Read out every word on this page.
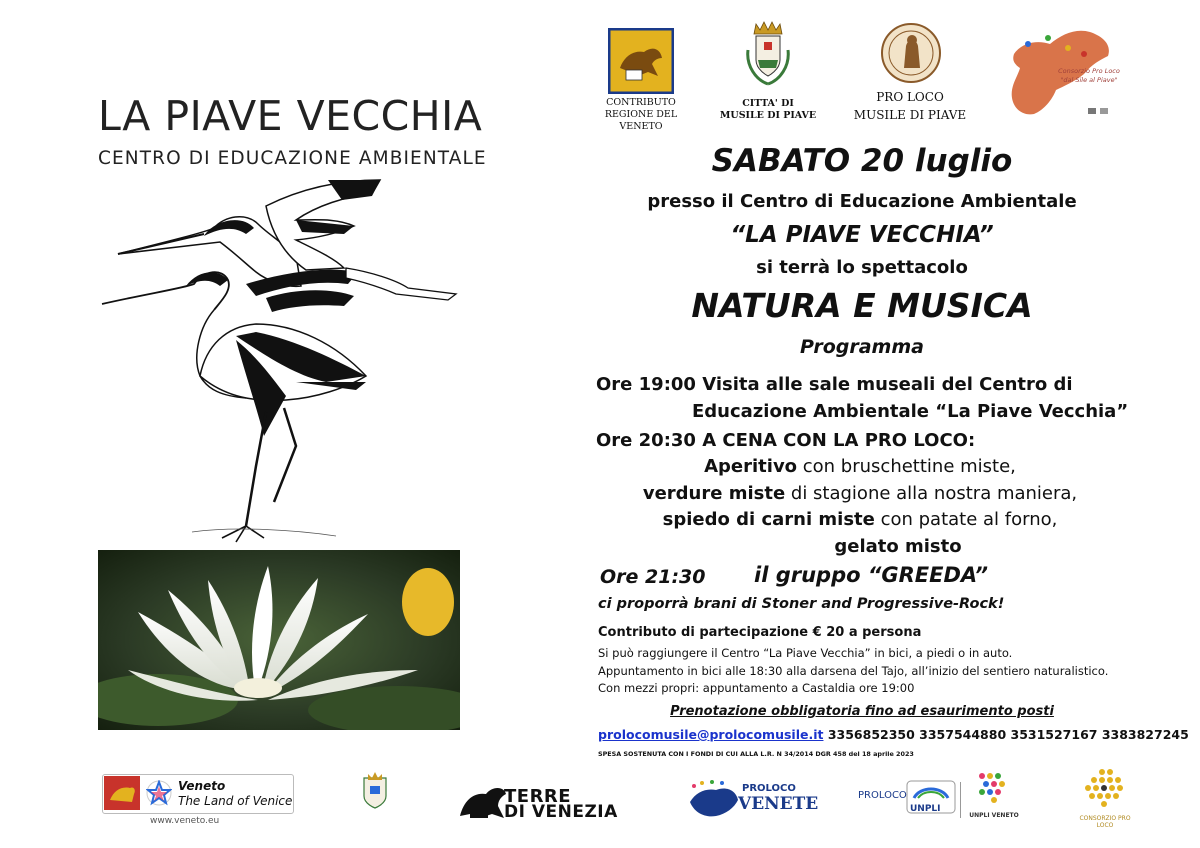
LA PIAVE VECCHIA
CENTRO DI EDUCAZIONE AMBIENTALE
CONTRIBUTO
REGIONE DEL VENETO
CITTA' DI
MUSILE DI PIAVE
PRO LOCO
MUSILE DI PIAVE
Consorzio Pro Loco
"dal Sile al Piave"
SABATO 20 luglio
presso il Centro di Educazione Ambientale
“LA PIAVE VECCHIA”
si terrà lo spettacolo
NATURA E MUSICA
Programma
Ore 19:00 Visita alle sale museali del Centro di
Educazione Ambientale “La Piave Vecchia”
Ore 20:30 A CENA CON LA PRO LOCO:
Aperitivo con bruschettine miste,
verdure miste di stagione alla nostra maniera,
spiedo di carni miste con patate al forno,
gelato misto
Ore 21:30 il gruppo “GREEDA”
ci proporrà brani di Stoner and Progressive-Rock!
Contributo di partecipazione € 20 a persona
Si può raggiungere il Centro “La Piave Vecchia” in bici, a piedi o in auto.
Appuntamento in bici alle 18:30 alla darsena del Tajo, all’inizio del sentiero naturalistico.
Con mezzi propri: appuntamento a Castaldia ore 19:00
Prenotazione obbligatoria fino ad esaurimento posti
prolocomusile@prolocomusile.it 3356852350 3357544880 3531527167 3383827245
SPESA SOSTENUTA CON I FONDI DI CUI ALLA L.R. N 34/2014 DGR 458 del 18 aprile 2023
Veneto
The Land of Venice
www.veneto.eu
TERRE
DI VENEZIA
PROLOCO
VENETE	PROLOCO
UNPLI
UNPLI VENETO	CONSORZIO PRO LOCO
